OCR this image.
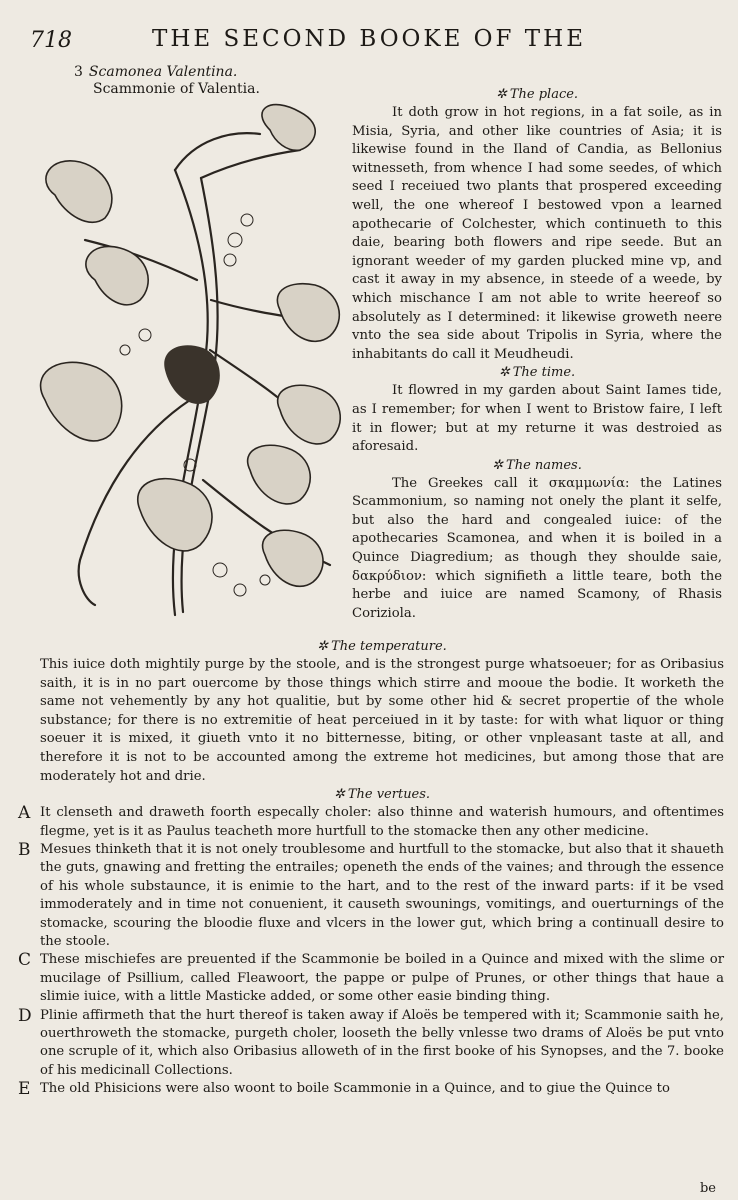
718	THE SECOND BOOKE OF THE
3 Scamonea Valentina.
Scammonie of Valentia.	✲ The place.
It doth grow in hot regions, in a fat soile, as in Misia, Syria, and other like countries of Asia; it is likewise found in the Iland of Candia, as Bellonius witnesseth, from whence I had some seedes, of which seed I receiued two plants that prospered exceeding well, the one whereof I bestowed vpon a learned apothecarie of Colchester, which continueth to this daie, bearing both flowers and ripe seede. But an ignorant weeder of my garden plucked mine vp, and cast it away in my absence, in steede of a weede, by which mischance I am not able to write heereof so absolutely as I determined: it likewise groweth neere vnto the sea side about Tripolis in Syria, where the inhabitants do call it Meudheudi.
✲ The time.
It flowred in my garden about Saint Iames tide, as I remember; for when I went to Bristow faire, I left it in flower; but at my returne it was destroied as aforesaid.
✲ The names.
The Greekes call it σκαμμωνία: the Latines Scammonium, so naming not onely the plant it selfe, but also the hard and congealed iuice: of the apothecaries Scamonea, and when it is boiled in a Quince Diagredium; as though they shoulde saie, δακρύδιον: which signifieth a little teare, both the herbe and iuice are named Scamony, of Rhasis Coriziola.
✲ The temperature.
This iuice doth mightily purge by the stoole, and is the strongest purge whatsoeuer; for as Oribasius saith, it is in no part ouercome by those things which stirre and mooue the bodie. It worketh the same not vehemently by any hot qualitie, but by some other hid & secret propertie of the whole substance; for there is no extremitie of heat perceiued in it by taste: for with what liquor or thing soeuer it is mixed, it giueth vnto it no bitternesse, biting, or other vnpleasant taste at all, and therefore it is not to be accounted among the extreme hot medicines, but among those that are moderately hot and drie.
✲ The vertues.
A It clenseth and draweth foorth especally choler: also thinne and waterish humours, and oftentimes flegme, yet is it as Paulus teacheth more hurtfull to the stomacke then any other medicine.
B Mesues thinketh that it is not onely troublesome and hurtfull to the stomacke, but also that it shaueth the guts, gnawing and fretting the entrailes; openeth the ends of the vaines; and through the essence of his whole substaunce, it is enimie to the hart, and to the rest of the inward parts: if it be vsed immoderately and in time not conuenient, it causeth swounings, vomitings, and ouerturnings of the stomacke, scouring the bloodie fluxe and vlcers in the lower gut, which bring a continuall desire to the stoole.
C These mischiefes are preuented if the Scammonie be boiled in a Quince and mixed with the slime or mucilage of Psillium, called Fleawoort, the pappe or pulpe of Prunes, or other things that haue a slimie iuice, with a little Masticke added, or some other easie binding thing.
D Plinie affirmeth that the hurt thereof is taken away if Aloës be tempered with it; Scammonie saith he, ouerthroweth the stomacke, purgeth choler, looseth the belly vnlesse two drams of Aloës be put vnto one scruple of it, which also Oribasius alloweth of in the first booke of his Synopses, and the 7. booke of his medicinall Collections.
E The old Phisicions were also woont to boile Scammonie in a Quince, and to giue the Quince to
be
